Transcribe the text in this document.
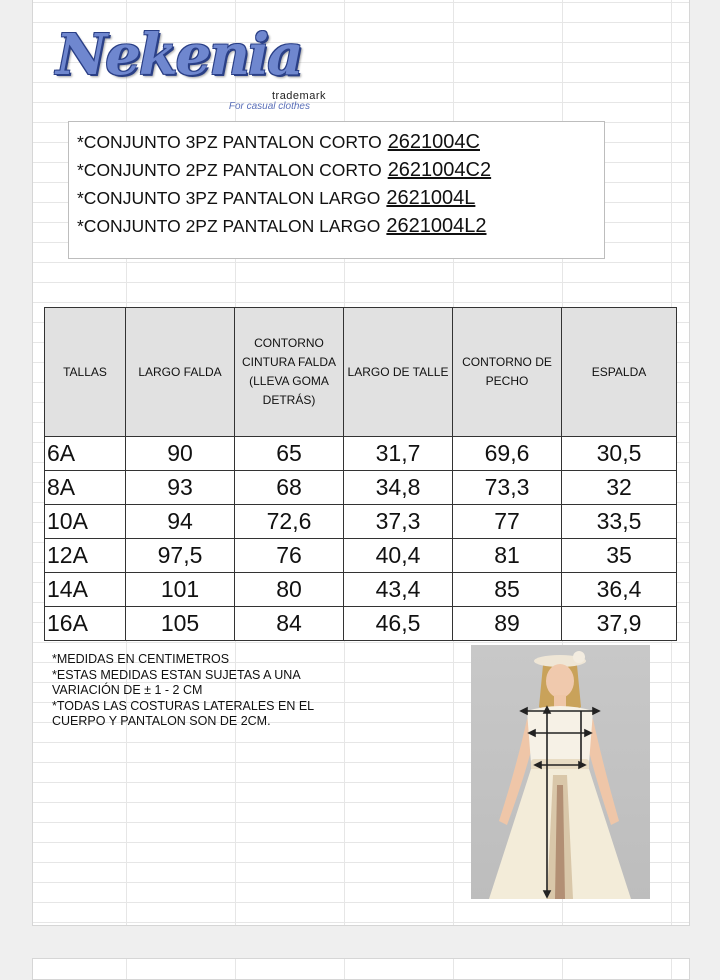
Nekenia
trademark
For casual clothes
*CONJUNTO 3PZ PANTALON CORTO 2621004C
*CONJUNTO 2PZ PANTALON CORTO 2621004C2
*CONJUNTO 3PZ PANTALON LARGO 2621004L
*CONJUNTO 2PZ PANTALON LARGO 2621004L2
TALLAS	LARGO FALDA	CONTORNO CINTURA FALDA (LLEVA GOMA DETRÁS)	LARGO DE TALLE	CONTORNO DE PECHO	ESPALDA
6A	90	65	31,7	69,6	30,5
8A	93	68	34,8	73,3	32
10A	94	72,6	37,3	77	33,5
12A	97,5	76	40,4	81	35
14A	101	80	43,4	85	36,4
16A	105	84	46,5	89	37,9
*MEDIDAS EN CENTIMETROS
*ESTAS MEDIDAS ESTAN SUJETAS A UNA VARIACIÓN DE ± 1 - 2 CM
*TODAS LAS COSTURAS LATERALES EN EL CUERPO Y PANTALON SON DE 2CM.
